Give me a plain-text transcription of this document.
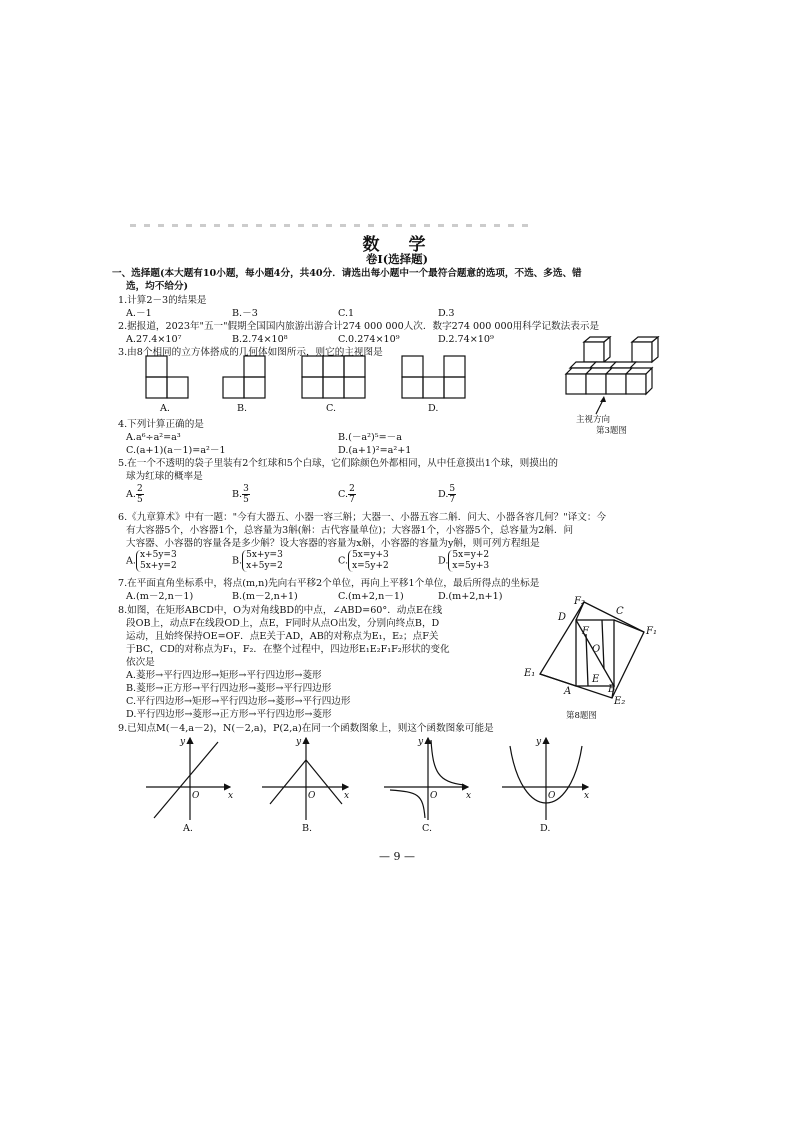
数　学
卷Ⅰ(选择题)
一、选择题(本大题有10小题，每小题4分，共40分．请选出每小题中一个最符合题意的选项，不选、多选、错
选，均不给分)
1.计算2－3的结果是
A.－1	B.－3	C.1	D.3
2.据报道，2023年"五一"假期全国国内旅游出游合计274 000 000人次．数字274 000 000用科学记数法表示是
A.27.4×10⁷	B.2.74×10⁸	C.0.274×10⁹	D.2.74×10⁹
3.由8个相同的立方体搭成的几何体如图所示，则它的主视图是
A.	B.	C.	D.
主视方向
第3题图
4.下列计算正确的是
A.a⁶÷a²=a³	B.(－a²)⁵=－a
C.(a+1)(a－1)=a²－1	D.(a+1)²=a²+1
5.在一个不透明的袋子里装有2个红球和5个白球，它们除颜色外都相同，从中任意摸出1个球，则摸出的
球为红球的概率是
A. $\frac{2}{5}$	B. $\frac{3}{5}$	C. $\frac{2}{7}$	D. $\frac{5}{7}$
6.《九章算术》中有一题："今有大器五、小器一容三斛；大器一、小器五容二斛．问大、小器各容几何？"译文：今
有大容器5个，小容器1个，总容量为3斛(斛：古代容量单位)；大容器1个，小容器5个，总容量为2斛．问
大容器、小容器的容量各是多少斛？设大容器的容量为x斛，小容器的容量为y斛，则可列方程组是
A.
x+5y=3
5x+y=2	B.
5x+y=3
x+5y=2	C.
5x=y+3
x=5y+2	D.
5x=y+2
x=5y+3
7.在平面直角坐标系中，将点(m,n)先向右平移2个单位，再向上平移1个单位，最后所得点的坐标是
A.(m－2,n－1)	B.(m－2,n+1)	C.(m+2,n－1)	D.(m+2,n+1)
8.如图，在矩形ABCD中，O为对角线BD的中点，∠ABD=60°．动点E在线
段OB上，动点F在线段OD上，点E，F同时从点O出发，分别向终点B，D
运动，且始终保持OE=OF．点E关于AD，AB的对称点为E₁，E₂；点F关
于BC，CD的对称点为F₁，F₂．在整个过程中，四边形E₁E₂F₁F₂形状的变化
依次是
A.菱形→平行四边形→矩形→平行四边形→菱形
B.菱形→正方形→平行四边形→菱形→平行四边形
C.平行四边形→矩形→平行四边形→菱形→平行四边形
D.平行四边形→菱形→正方形→平行四边形→菱形
D
F₂
C
F₁
F
O
E₁
A
E
B
E₂
第8题图
9.已知点M(－4,a－2)，N(－2,a)，P(2,a)在同一个函数图象上，则这个函数图象可能是
y
O	x
y
O	x
y
O	x
y
O	x
A.	B.	C.	D.
— 9 —
